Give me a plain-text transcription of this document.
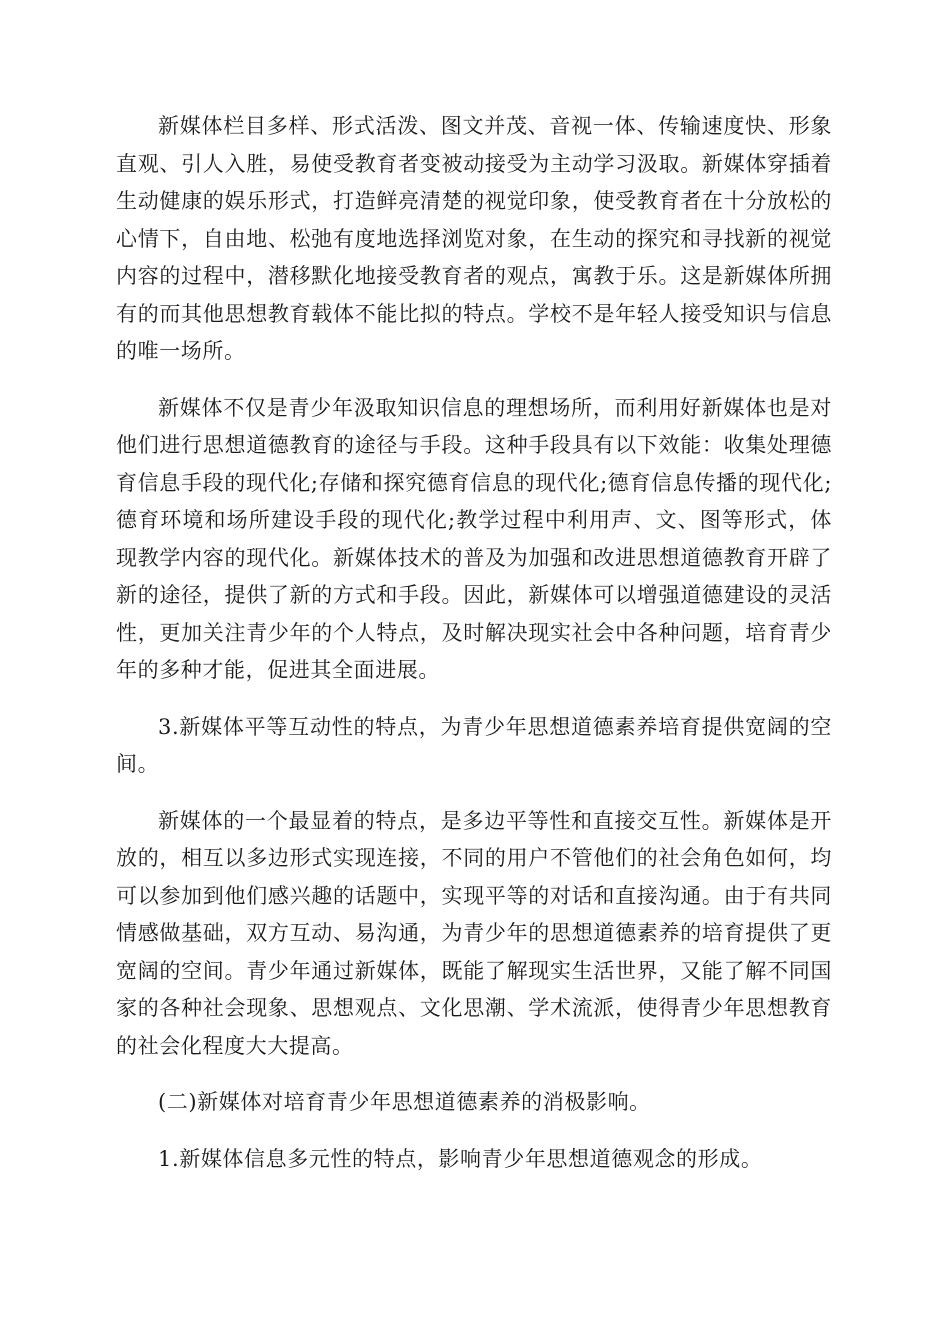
新媒体栏目多样、形式活泼、图文并茂、音视一体、传输速度快、形象直观、引人入胜，易使受教育者变被动接受为主动学习汲取。新媒体穿插着生动健康的娱乐形式，打造鲜亮清楚的视觉印象，使受教育者在十分放松的心情下，自由地、松弛有度地选择浏览对象，在生动的探究和寻找新的视觉内容的过程中，潜移默化地接受教育者的观点，寓教于乐。这是新媒体所拥有的而其他思想教育载体不能比拟的特点。学校不是年轻人接受知识与信息的唯一场所。

新媒体不仅是青少年汲取知识信息的理想场所，而利用好新媒体也是对他们进行思想道德教育的途径与手段。这种手段具有以下效能：收集处理德育信息手段的现代化;存储和探究德育信息的现代化;德育信息传播的现代化;德育环境和场所建设手段的现代化;教学过程中利用声、文、图等形式，体现教学内容的现代化。新媒体技术的普及为加强和改进思想道德教育开辟了新的途径，提供了新的方式和手段。因此，新媒体可以增强道德建设的灵活性，更加关注青少年的个人特点，及时解决现实社会中各种问题，培育青少年的多种才能，促进其全面进展。

3.新媒体平等互动性的特点，为青少年思想道德素养培育提供宽阔的空间。

新媒体的一个最显着的特点，是多边平等性和直接交互性。新媒体是开放的，相互以多边形式实现连接，不同的用户不管他们的社会角色如何，均可以参加到他们感兴趣的话题中，实现平等的对话和直接沟通。由于有共同情感做基础，双方互动、易沟通，为青少年的思想道德素养的培育提供了更宽阔的空间。青少年通过新媒体，既能了解现实生活世界，又能了解不同国家的各种社会现象、思想观点、文化思潮、学术流派，使得青少年思想教育的社会化程度大大提高。

(二)新媒体对培育青少年思想道德素养的消极影响。

1.新媒体信息多元性的特点，影响青少年思想道德观念的形成。
